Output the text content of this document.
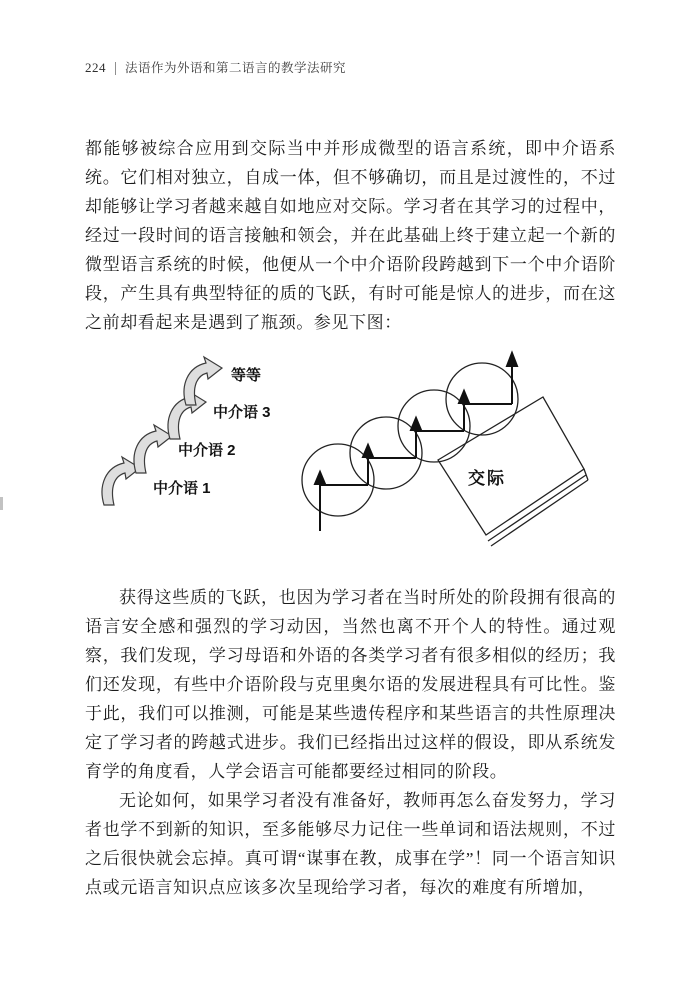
224 法语作为外语和第二语言的教学法研究

都能够被综合应用到交际当中并形成微型的语言系统，即中介语系统。它们相对独立，自成一体，但不够确切，而且是过渡性的，不过却能够让学习者越来越自如地应对交际。学习者在其学习的过程中，经过一段时间的语言接触和领会，并在此基础上终于建立起一个新的微型语言系统的时候，他便从一个中介语阶段跨越到下一个中介语阶段，产生具有典型特征的质的飞跃，有时可能是惊人的进步，而在这之前却看起来是遇到了瓶颈。参见下图：

交际
中介语 1
中介语 2
中介语 3
等等

获得这些质的飞跃，也因为学习者在当时所处的阶段拥有很高的语言安全感和强烈的学习动因，当然也离不开个人的特性。通过观察，我们发现，学习母语和外语的各类学习者有很多相似的经历；我们还发现，有些中介语阶段与克里奥尔语的发展进程具有可比性。鉴于此，我们可以推测，可能是某些遗传程序和某些语言的共性原理决定了学习者的跨越式进步。我们已经指出过这样的假设，即从系统发育学的角度看，人学会语言可能都要经过相同的阶段。

无论如何，如果学习者没有准备好，教师再怎么奋发努力，学习者也学不到新的知识，至多能够尽力记住一些单词和语法规则，不过之后很快就会忘掉。真可谓“谋事在教，成事在学”！同一个语言知识点或元语言知识点应该多次呈现给学习者，每次的难度有所增加，
